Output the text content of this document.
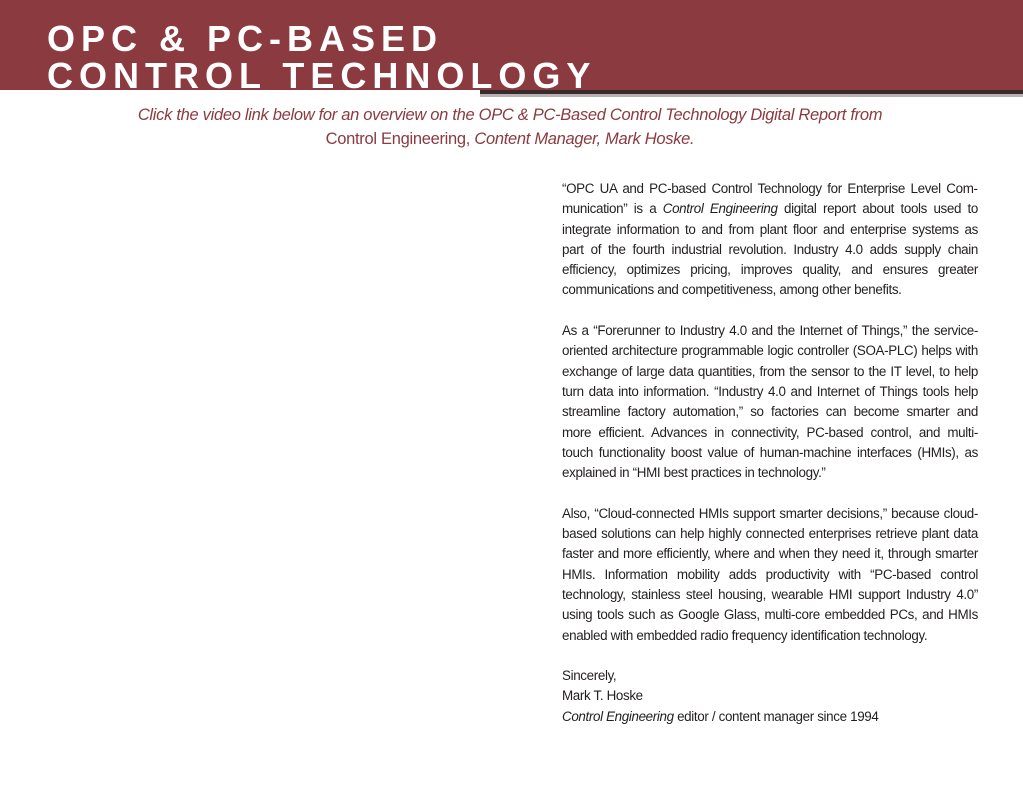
OPC & PC-BASED
CONTROL TECHNOLOGY
Click the video link below for an overview on the OPC & PC-Based Control Technology Digital Report from
Control Engineering, Content Manager, Mark Hoske.

“OPC UA and PC-based Control Technology for Enterprise Level Communication” is a Control Engineering digital report about tools used to integrate information to and from plant floor and enterprise systems as part of the fourth industrial revolution. Industry 4.0 adds supply chain efficiency, optimizes pricing, improves quality, and ensures greater communications and competitiveness, among other benefits.

As a “Forerunner to Industry 4.0 and the Internet of Things,” the service-oriented architecture programmable logic controller (SOA-PLC) helps with exchange of large data quantities, from the sensor to the IT level, to help turn data into information. “Industry 4.0 and Internet of Things tools help streamline factory automation,” so factories can become smarter and more efficient. Advances in connectivity, PC-based control, and multi-touch functionality boost value of human-machine interfaces (HMIs), as explained in “HMI best practices in technology.”

Also, “Cloud-connected HMIs support smarter decisions,” because cloud-based solutions can help highly connected enterprises retrieve plant data faster and more efficiently, where and when they need it, through smarter HMIs. Information mobility adds productivity with “PC-based control technology, stainless steel housing, wearable HMI support Industry 4.0” using tools such as Google Glass, multi-core embedded PCs, and HMIs enabled with embedded radio frequency identification technology.

Sincerely,

Mark T. Hoske

Control Engineering editor / content manager since 1994
